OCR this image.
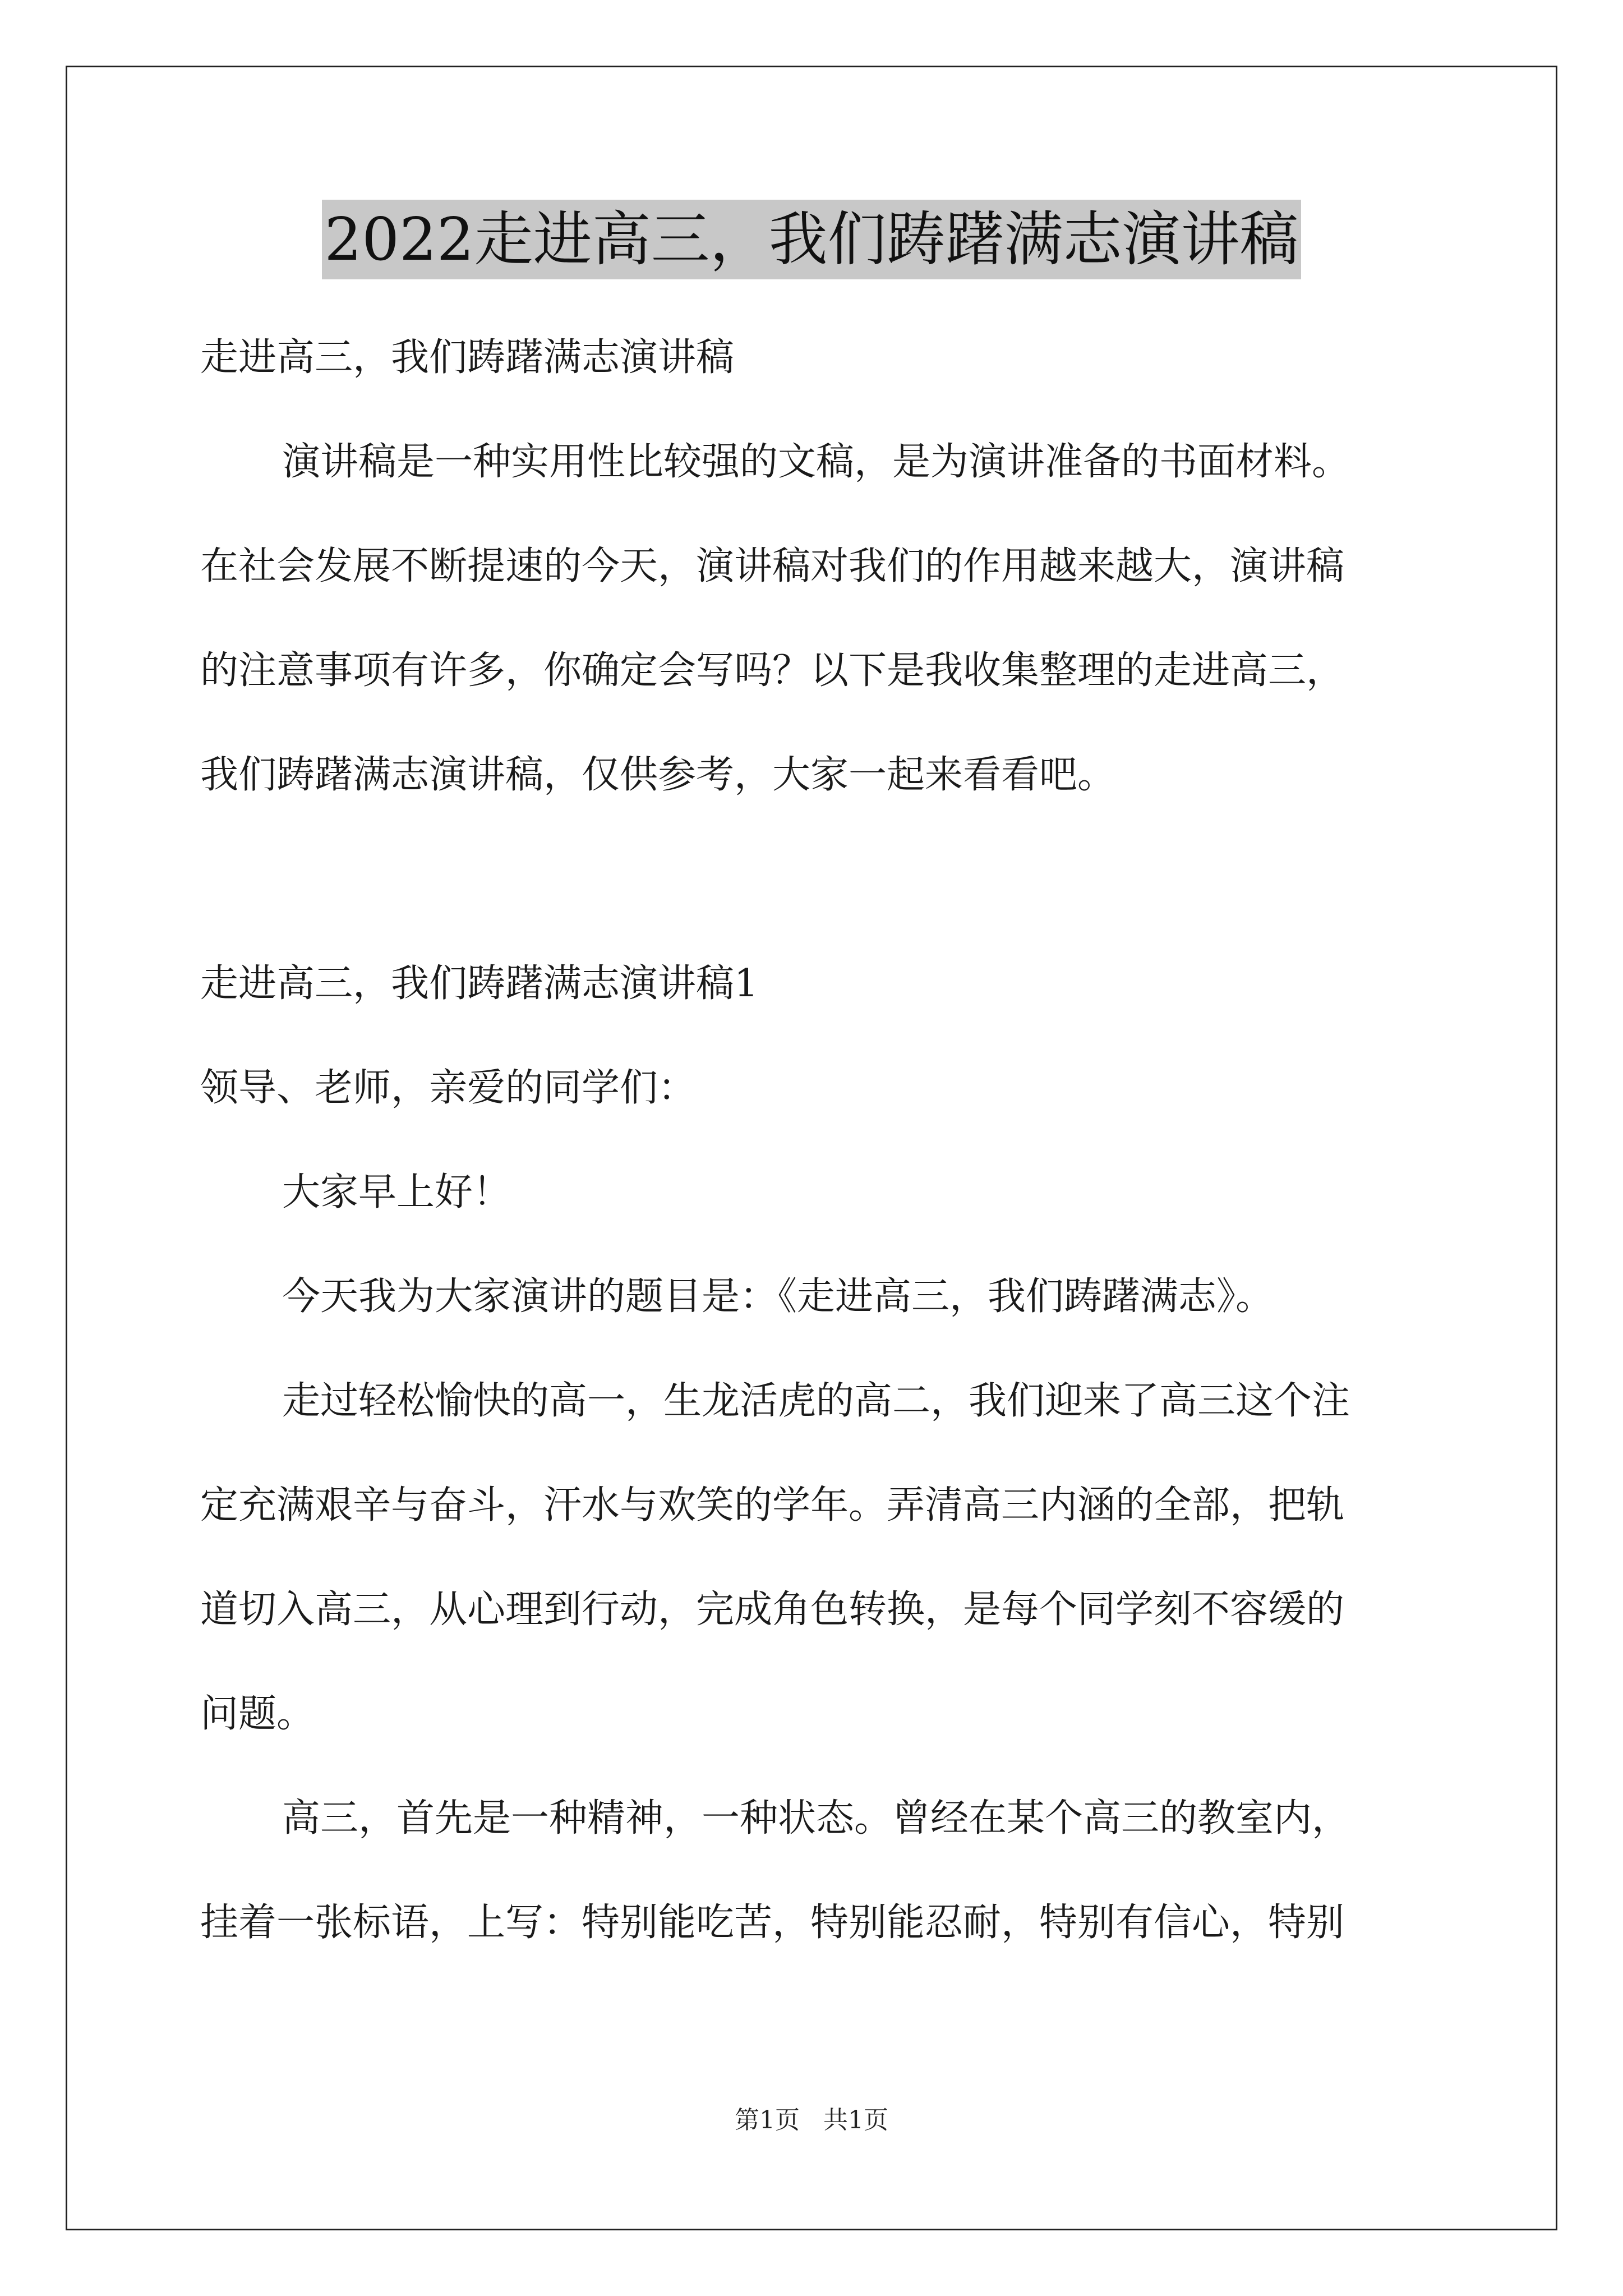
2022走进高三，我们踌躇满志演讲稿
走进高三，我们踌躇满志演讲稿
演讲稿是一种实用性比较强的文稿，是为演讲准备的书面材料。
在社会发展不断提速的今天，演讲稿对我们的作用越来越大，演讲稿
的注意事项有许多，你确定会写吗？以下是我收集整理的走进高三，
我们踌躇满志演讲稿，仅供参考，大家一起来看看吧。
走进高三，我们踌躇满志演讲稿1
领导、老师，亲爱的同学们：
大家早上好！
今天我为大家演讲的题目是：《走进高三，我们踌躇满志》。
走过轻松愉快的高一，生龙活虎的高二，我们迎来了高三这个注
定充满艰辛与奋斗，汗水与欢笑的学年。弄清高三内涵的全部，把轨
道切入高三，从心理到行动，完成角色转换，是每个同学刻不容缓的
问题。
高三，首先是一种精神，一种状态。曾经在某个高三的教室内，
挂着一张标语，上写：特别能吃苦，特别能忍耐，特别有信心，特别
第1页   共1页
